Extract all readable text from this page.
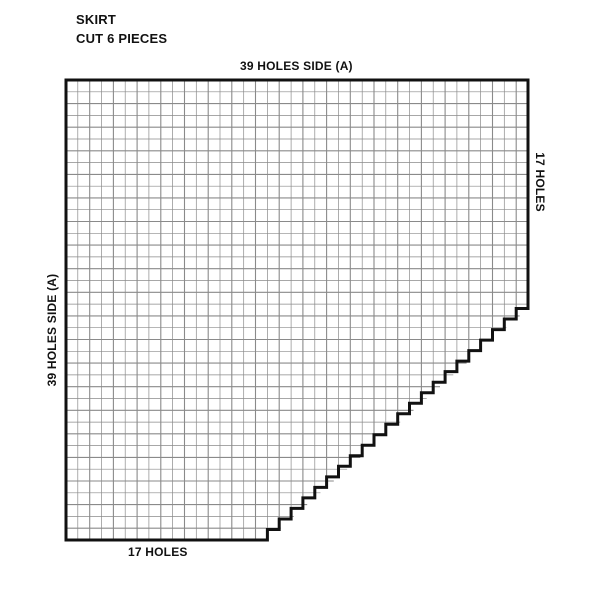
SKIRT
CUT 6 PIECES
39 HOLES SIDE (A)
39 HOLES SIDE (A)
17 HOLES
17 HOLES
